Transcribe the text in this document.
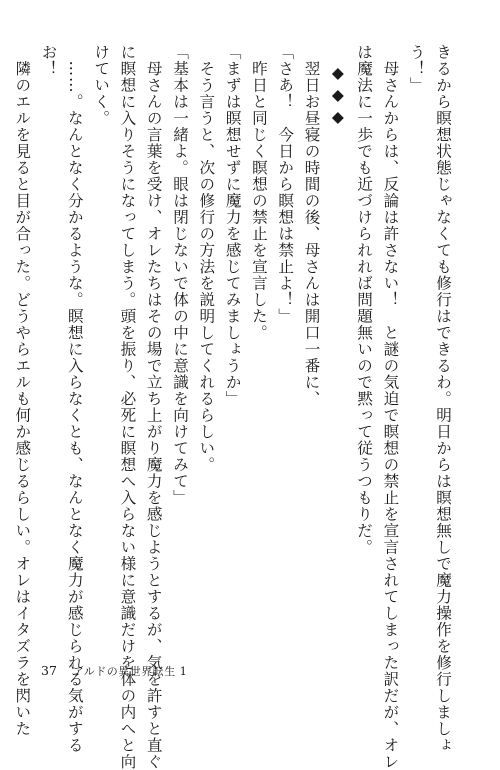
きるから瞑想状態じゃなくても修行はできるわ。明日からは瞑想無しで魔力操作を修行しましょ
う！」
　母さんからは、反論は許さない！　と謎の気迫で瞑想の禁止を宣言されてしまった訳だが、オレ
は魔法に一歩でも近づけられれば問題無いので黙って従うつもりだ。
◆◆◆
　翌日お昼寝の時間の後、母さんは開口一番に、
「さあ！　今日から瞑想は禁止よ！」
　昨日と同じく瞑想の禁止を宣言した。
「まずは瞑想せずに魔力を感じてみましょうか」
　そう言うと、次の修行の方法を説明してくれるらしい。
「基本は一緒よ。眼は閉じないで体の中に意識を向けてみて」
　母さんの言葉を受け、オレたちはその場で立ち上がり魔力を感じようとするが、気を許すと直ぐ
に瞑想に入りそうになってしまう。頭を振り、必死に瞑想へ入らない様に意識だけを体の内へと向
けていく。
　……。なんとなく分かるような。瞑想に入らなくとも、なんとなく魔力が感じられる気がする
お！
　隣のエルを見ると目が合った。どうやらエルも何か感じるらしい。オレはイタズラを閃いた 37 アルドの異世界転生 1
